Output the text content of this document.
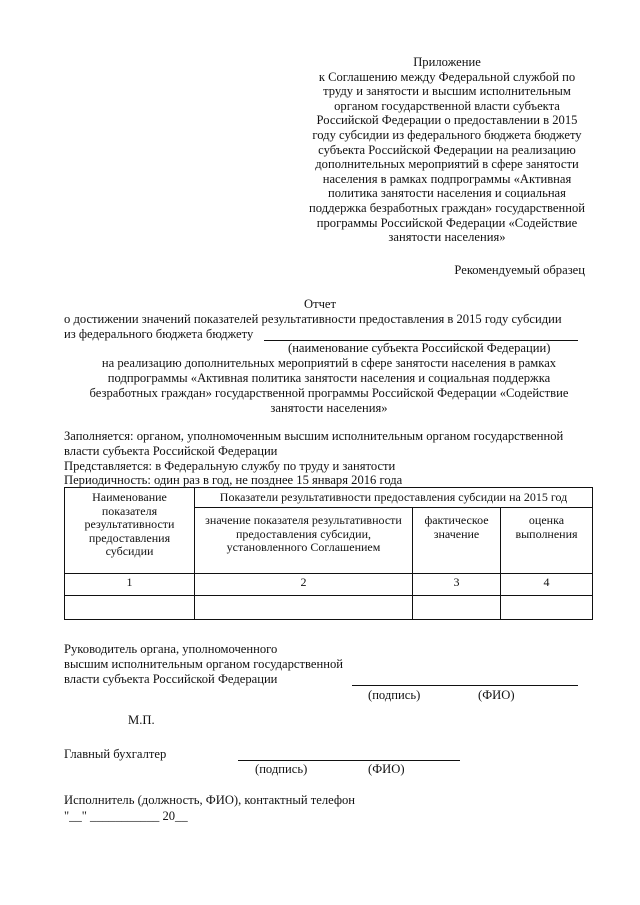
Приложение
к Соглашению между Федеральной службой по
труду и занятости и высшим исполнительным
органом государственной власти субъекта
Российской Федерации о предоставлении в 2015
году субсидии из федерального бюджета бюджету
субъекта Российской Федерации на реализацию
дополнительных мероприятий в сфере занятости
населения в рамках подпрограммы «Активная
политика занятости населения и социальная
поддержка безработных граждан» государственной
программы Российской Федерации «Содействие
занятости населения»
Рекомендуемый образец
Отчет
о достижении значений показателей результативности предоставления в 2015 году субсидии
из федерального бюджета бюджету
(наименование субъекта Российской Федерации)
на реализацию дополнительных мероприятий в сфере занятости населения в рамках
подпрограммы «Активная политика занятости населения и социальная поддержка
безработных граждан» государственной программы Российской Федерации «Содействие
занятости населения»
Заполняется: органом, уполномоченным высшим исполнительным органом государственной
власти субъекта Российской Федерации
Представляется: в Федеральную службу по труду и занятости
Периодичность: один раз в год, не позднее 15 января 2016 года
Наименование показателя результативности предоставления субсидии	Показатели результативности предоставления субсидии на 2015 год		
	значение показателя результативности предоставления субсидии, установленного Соглашением	фактическое значение	оценка выполнения
1	2	3	4

Руководитель органа, уполномоченного
высшим исполнительным органом государственной
власти субъекта Российской Федерации
(подпись)	(ФИО)
М.П.
Главный бухгалтер
(подпись)	(ФИО)
Исполнитель (должность, ФИО), контактный телефон
"__" ___________ 20__
